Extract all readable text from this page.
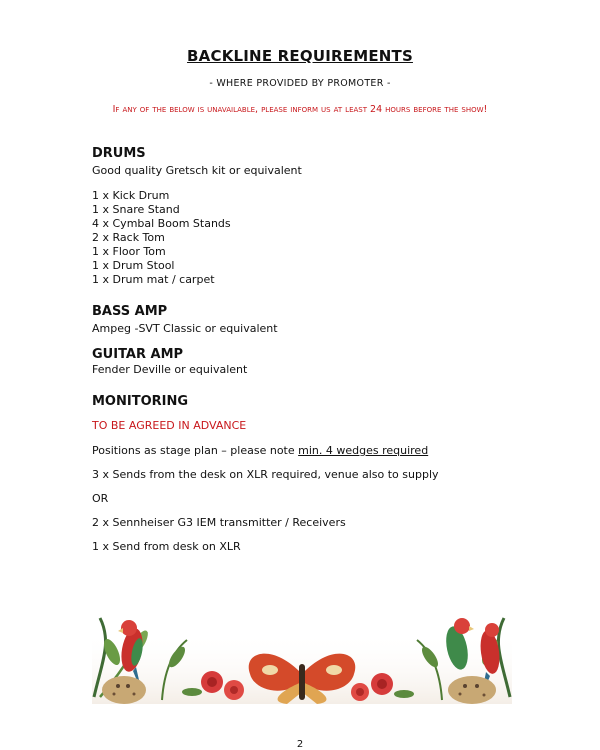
BACKLINE REQUIREMENTS
- WHERE PROVIDED BY PROMOTER -
If any of the below is unavailable, please inform us at least 24 hours before the show!
DRUMS
Good quality Gretsch kit or equivalent
1 x Kick Drum
1 x Snare Stand
4 x Cymbal Boom Stands
2 x Rack Tom
1 x Floor Tom
1 x Drum Stool
1 x Drum mat / carpet
BASS AMP
Ampeg -SVT Classic or equivalent
GUITAR AMP
Fender Deville or equivalent
MONITORING
TO BE AGREED IN ADVANCE
Positions as stage plan – please note min. 4 wedges required
3 x Sends from the desk on XLR required, venue also to supply
OR
2 x Sennheiser G3 IEM transmitter / Receivers
1 x Send from desk on XLR
2
